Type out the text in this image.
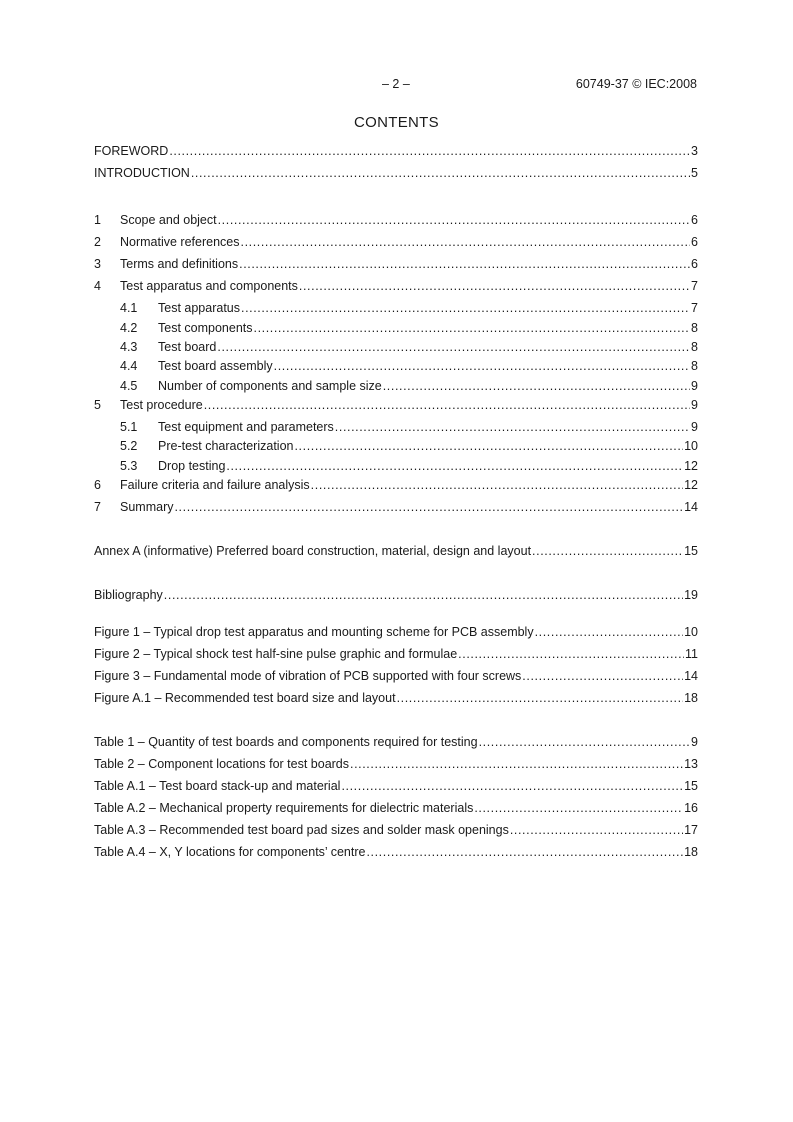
– 2 –	60749-37 © IEC:2008
CONTENTS
FOREWORD .....	3
INTRODUCTION .....	5
1	Scope and object .....	6
2	Normative references .....	6
3	Terms and definitions .....	6
4	Test apparatus and components .....	7
4.1	Test apparatus .....	7
4.2	Test components .....	8
4.3	Test board .....	8
4.4	Test board assembly .....	8
4.5	Number of components and sample size .....	9
5	Test procedure .....	9
5.1	Test equipment and parameters .....	9
5.2	Pre-test characterization .....	10
5.3	Drop testing .....	12
6	Failure criteria and failure analysis .....	12
7	Summary .....	14
Annex A (informative) Preferred board construction, material, design and layout .....	15
Bibliography .....	19
Figure 1 – Typical drop test apparatus and mounting scheme for PCB assembly .....	10
Figure 2 – Typical shock test half-sine pulse graphic and formulae .....	11
Figure 3 – Fundamental mode of vibration of PCB supported with four screws .....	14
Figure A.1 – Recommended test board size and layout .....	18
Table 1 – Quantity of test boards and components required for testing .....	9
Table 2 – Component locations for test boards .....	13
Table A.1 – Test board stack-up and material .....	15
Table A.2 – Mechanical property requirements for dielectric materials .....	16
Table A.3 – Recommended test board pad sizes and solder mask openings .....	17
Table A.4 – X, Y locations for components’ centre .....	18
